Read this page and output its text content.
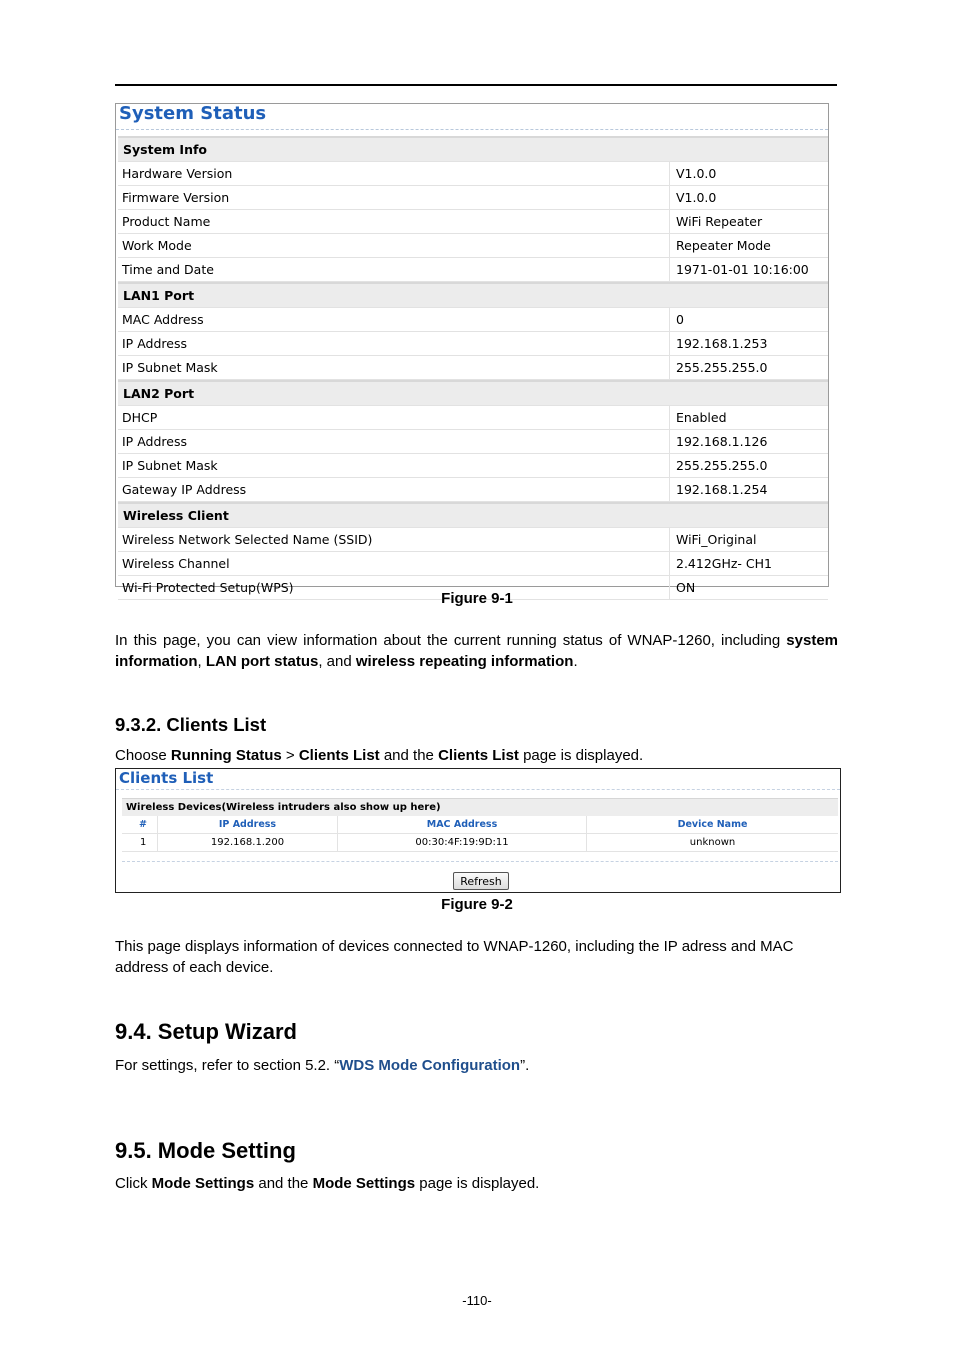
System Status
System Info
Hardware Version	V1.0.0
Firmware Version	V1.0.0
Product Name	WiFi Repeater
Work Mode	Repeater Mode
Time and Date	1971-01-01 10:16:00
LAN1 Port
MAC Address	0
IP Address	192.168.1.253
IP Subnet Mask	255.255.255.0
LAN2 Port
DHCP	Enabled
IP Address	192.168.1.126
IP Subnet Mask	255.255.255.0
Gateway IP Address	192.168.1.254
Wireless Client
Wireless Network Selected Name (SSID)	WiFi_Original
Wireless Channel	2.412GHz- CH1
Wi-Fi Protected Setup(WPS)	ON
Figure 9-1
In this page, you can view information about the current running status of WNAP-1260, including system information, LAN port status, and wireless repeating information.
9.3.2. Clients List
Choose Running Status > Clients List and the Clients List page is displayed.
Clients List
Wireless Devices(Wireless intruders also show up here)
#	IP Address	MAC Address	Device Name
1	192.168.1.200	00:30:4F:19:9D:11	unknown
Refresh
Figure 9-2
This page displays information of devices connected to WNAP-1260, including the IP adress and MAC address of each device.
9.4. Setup Wizard
For settings, refer to section 5.2. “WDS Mode Configuration”.
9.5. Mode Setting
Click Mode Settings and the Mode Settings page is displayed.
-110-
